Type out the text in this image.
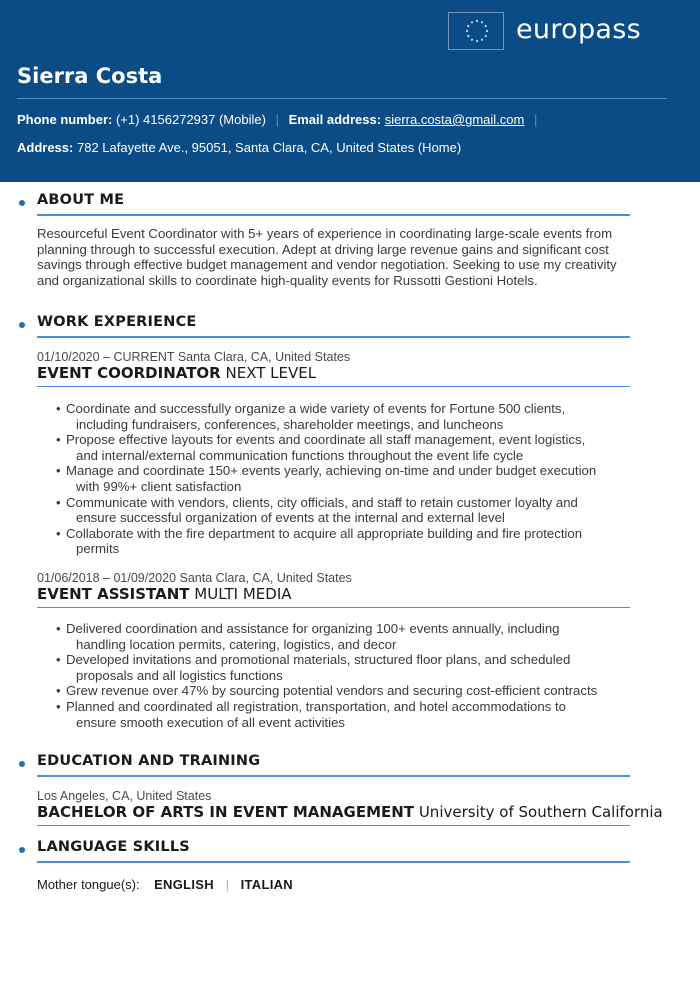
europass
Sierra Costa
Phone number: (+1) 4156272937 (Mobile) | Email address: sierra.costa@gmail.com |
Address: 782 Lafayette Ave., 95051, Santa Clara, CA, United States (Home)
ABOUT ME
Resourceful Event Coordinator with 5+ years of experience in coordinating large-scale events from planning through to successful execution. Adept at driving large revenue gains and significant cost savings through effective budget management and vendor negotiation. Seeking to use my creativity and organizational skills to coordinate high-quality events for Russotti Gestioni Hotels.
WORK EXPERIENCE
01/10/2020 – CURRENT Santa Clara, CA, United States
EVENT COORDINATOR NEXT LEVEL
• Coordinate and successfully organize a wide variety of events for Fortune 500 clients,
including fundraisers, conferences, shareholder meetings, and luncheons
• Propose effective layouts for events and coordinate all staff management, event logistics,
and internal/external communication functions throughout the event life cycle
• Manage and coordinate 150+ events yearly, achieving on-time and under budget execution
with 99%+ client satisfaction
• Communicate with vendors, clients, city officials, and staff to retain customer loyalty and
ensure successful organization of events at the internal and external level
• Collaborate with the fire department to acquire all appropriate building and fire protection
permits
01/06/2018 – 01/09/2020 Santa Clara, CA, United States
EVENT ASSISTANT MULTI MEDIA
• Delivered coordination and assistance for organizing 100+ events annually, including
handling location permits, catering, logistics, and decor
• Developed invitations and promotional materials, structured floor plans, and scheduled
proposals and all logistics functions
• Grew revenue over 47% by sourcing potential vendors and securing cost-efficient contracts
• Planned and coordinated all registration, transportation, and hotel accommodations to
ensure smooth execution of all event activities
EDUCATION AND TRAINING
Los Angeles, CA, United States
BACHELOR OF ARTS IN EVENT MANAGEMENT University of Southern California
LANGUAGE SKILLS
Mother tongue(s): ENGLISH | ITALIAN
